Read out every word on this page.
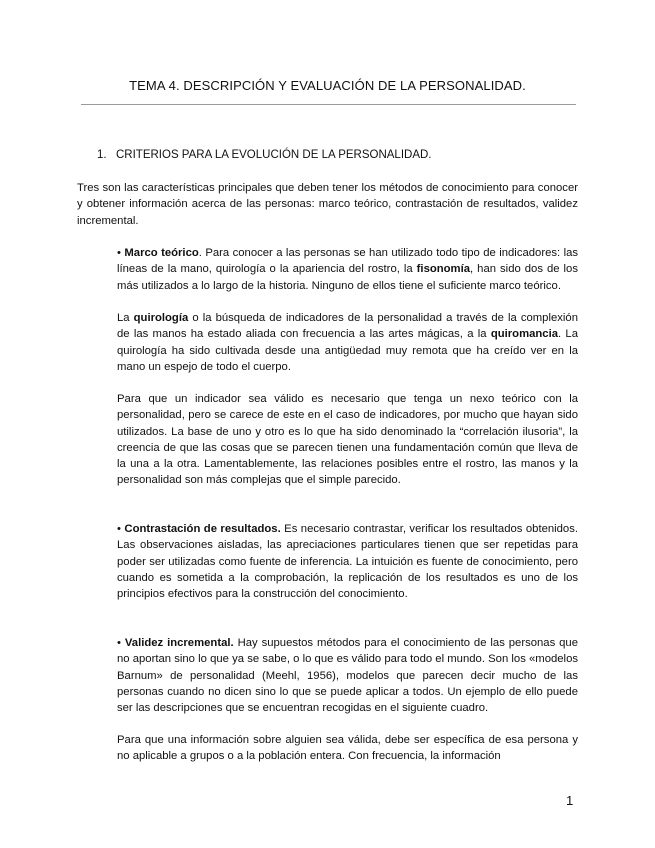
TEMA 4. DESCRIPCIÓN Y EVALUACIÓN DE LA PERSONALIDAD.
1. CRITERIOS PARA LA EVOLUCIÓN DE LA PERSONALIDAD.

Tres son las características principales que deben tener los métodos de conocimiento para conocer y obtener información acerca de las personas: marco teórico, contrastación de resultados, validez incremental.

• Marco teórico. Para conocer a las personas se han utilizado todo tipo de indicadores: las líneas de la mano, quirología o la apariencia del rostro, la fisonomía, han sido dos de los más utilizados a lo largo de la historia. Ninguno de ellos tiene el suficiente marco teórico.

La quirología o la búsqueda de indicadores de la personalidad a través de la complexión de las manos ha estado aliada con frecuencia a las artes mágicas, a la quiromancia. La quirología ha sido cultivada desde una antigüedad muy remota que ha creído ver en la mano un espejo de todo el cuerpo.

Para que un indicador sea válido es necesario que tenga un nexo teórico con la personalidad, pero se carece de este en el caso de indicadores, por mucho que hayan sido utilizados. La base de uno y otro es lo que ha sido denominado la “correlación ilusoria”, la creencia de que las cosas que se parecen tienen una fundamentación común que lleva de la una a la otra. Lamentablemente, las relaciones posibles entre el rostro, las manos y la personalidad son más complejas que el simple parecido.

• Contrastación de resultados. Es necesario contrastar, verificar los resultados obtenidos. Las observaciones aisladas, las apreciaciones particulares tienen que ser repetidas para poder ser utilizadas como fuente de inferencia. La intuición es fuente de conocimiento, pero cuando es sometida a la comprobación, la replicación de los resultados es uno de los principios efectivos para la construcción del conocimiento.

• Validez incremental. Hay supuestos métodos para el conocimiento de las personas que no aportan sino lo que ya se sabe, o lo que es válido para todo el mundo. Son los «modelos Barnum» de personalidad (Meehl, 1956), modelos que parecen decir mucho de las personas cuando no dicen sino lo que se puede aplicar a todos. Un ejemplo de ello puede ser las descripciones que se encuentran recogidas en el siguiente cuadro.

Para que una información sobre alguien sea válida, debe ser específica de esa persona y no aplicable a grupos o a la población entera. Con frecuencia, la información

1
